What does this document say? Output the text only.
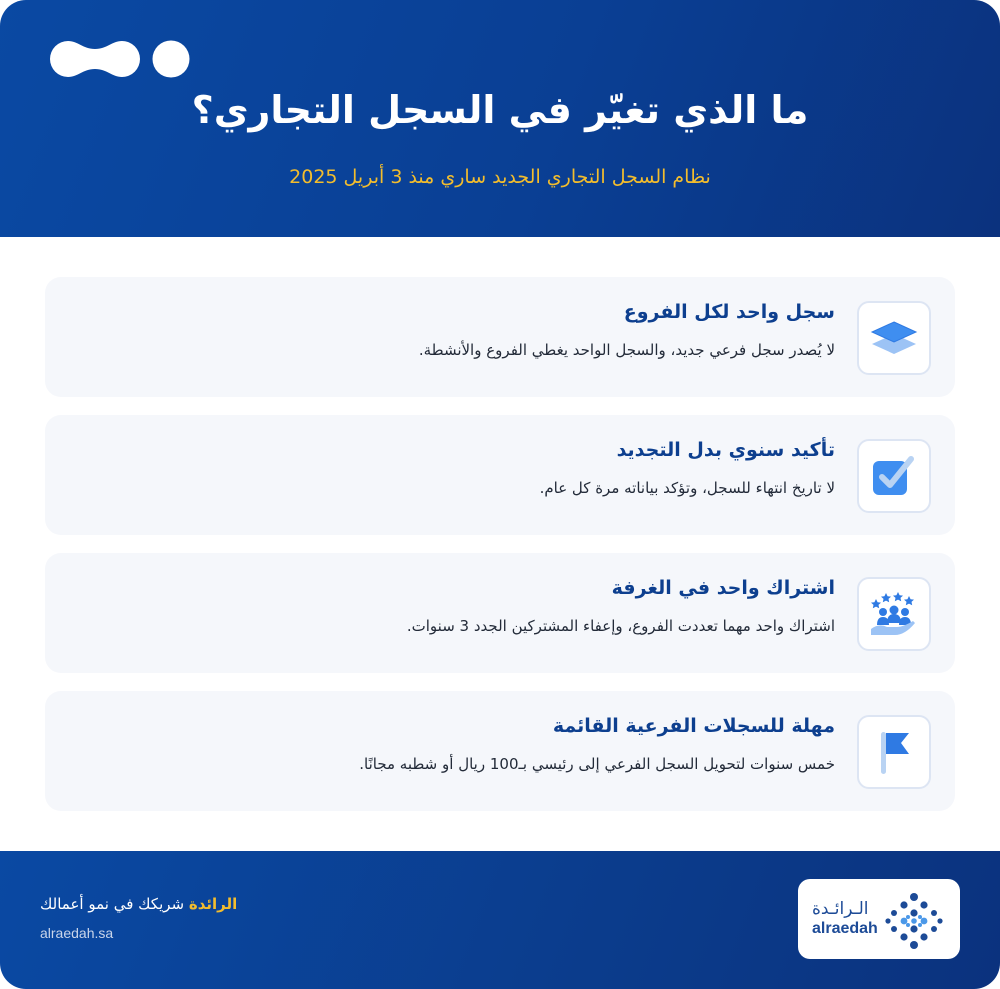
ما الذي تغيّر في السجل التجاري؟
نظام السجل التجاري الجديد ساري منذ 3 أبريل 2025
سجل واحد لكل الفروع
لا يُصدر سجل فرعي جديد، والسجل الواحد يغطي الفروع والأنشطة.
تأكيد سنوي بدل التجديد
لا تاريخ انتهاء للسجل، وتؤكد بياناته مرة كل عام.
اشتراك واحد في الغرفة
اشتراك واحد مهما تعددت الفروع، وإعفاء المشتركين الجدد 3 سنوات.
مهلة للسجلات الفرعية القائمة
خمس سنوات لتحويل السجل الفرعي إلى رئيسي بـ100 ريال أو شطبه مجانًا.
الرائدة شريكك في نمو أعمالك
alraedah.sa
الـرائـدة
alraedah
